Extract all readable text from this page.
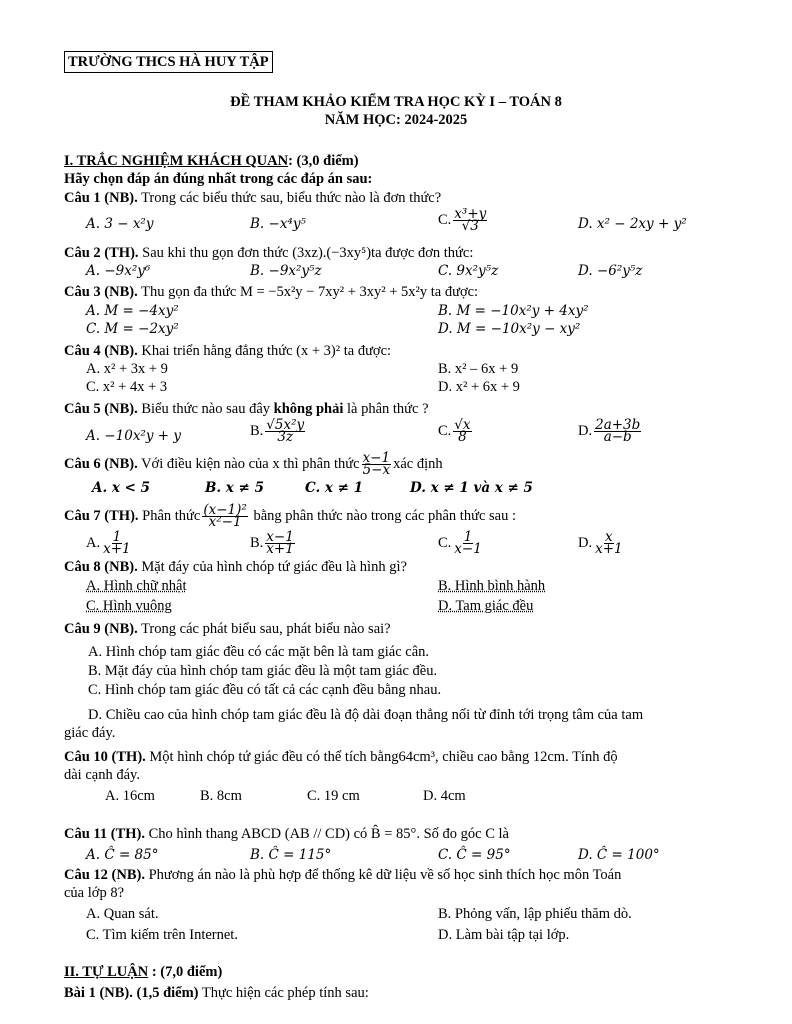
TRƯỜNG THCS HÀ HUY TẬP
ĐỀ THAM KHẢO KIỂM TRA HỌC KỲ I – TOÁN 8
NĂM HỌC: 2024-2025
I. TRẮC NGHIỆM KHÁCH QUAN: (3,0 điểm)
Hãy chọn đáp án đúng nhất trong các đáp án sau:
Câu 1 (NB). Trong các biểu thức sau, biểu thức nào là đơn thức?
A. 3 − x²y	B. −x⁴y⁵	C. $\frac{\text{x³+y}}{√3}$	D. x² − 2xy + y²
Câu 2 (TH). Sau khi thu gọn đơn thức (3xz).(−3xy⁵)ta được đơn thức:
A. −9x²y⁶	B. −9x²y⁵z	C. 9x²y⁵z	D. −6²y⁵z
Câu 3 (NB). Thu gọn đa thức M = −5x²y − 7xy² + 3xy² + 5x²y ta được:
A. M = −4xy²	B. M = −10x²y + 4xy²
C. M = −2xy²	D. M = −10x²y − xy²
Câu 4 (NB). Khai triển hằng đẳng thức (x + 3)² ta được:
A. x² + 3x + 9	B. x² – 6x + 9
C. x² + 4x + 3	D. x² + 6x + 9
Câu 5 (NB). Biểu thức nào sau đây không phải là phân thức ?
A. −10x²y + y	B. $\frac{\text{√5x²y}}{3z}$	C. $\frac{√x}{8}$	D. $\frac{2a+3b}{a-b}$
Câu 6 (NB). Với điều kiện nào của x thì phân thức $\frac{x-1}{5-x}$ xác định
A. x < 5	B. x ≠ 5	C. x ≠ 1	D. x ≠ 1 và x ≠ 5
Câu 7 (TH). Phân thức $\frac{\text{(x−1)²}}{\text{x²−1}}$ bằng phân thức nào trong các phân thức sau :
A. $\frac{1}{x+1}$	B. $\frac{x-1}{x+1}$	C. $\frac{1}{x-1}$	D. $\frac{x}{x+1}$
Câu 8 (NB). Mặt đáy của hình chóp tứ giác đều là hình gì?
A. Hình chữ nhật	B. Hình bình hành
C. Hình vuông	D. Tam giác đều
Câu 9 (NB). Trong các phát biểu sau, phát biểu nào sai?
A. Hình chóp tam giác đều có các mặt bên là tam giác cân.
B. Mặt đáy của hình chóp tam giác đều là một tam giác đều.
C. Hình chóp tam giác đều có tất cả các cạnh đều bằng nhau.
D. Chiều cao của hình chóp tam giác đều là độ dài đoạn thẳng nối từ đỉnh tới trọng tâm của tam
giác đáy.
Câu 10 (TH). Một hình chóp tứ giác đều có thể tích bằng64cm³, chiều cao bằng 12cm. Tính độ
dài cạnh đáy.
A. 16cm	B. 8cm	C. 19 cm	D. 4cm
Câu 11 (TH). Cho hình thang ABCD (AB // CD) có B̂ = 85°. Số đo góc C là
A. Ĉ = 85°	B. Ĉ = 115°	C. Ĉ = 95°	D. Ĉ = 100°
Câu 12 (NB). Phương án nào là phù hợp để thống kê dữ liệu về số học sinh thích học môn Toán
của lớp 8?
A. Quan sát.	B. Phỏng vấn, lập phiếu thăm dò.
C. Tìm kiếm trên Internet.	D. Làm bài tập tại lớp.
II. TỰ LUẬN : (7,0 điểm)
Bài 1 (NB). (1,5 điểm) Thực hiện các phép tính sau:
